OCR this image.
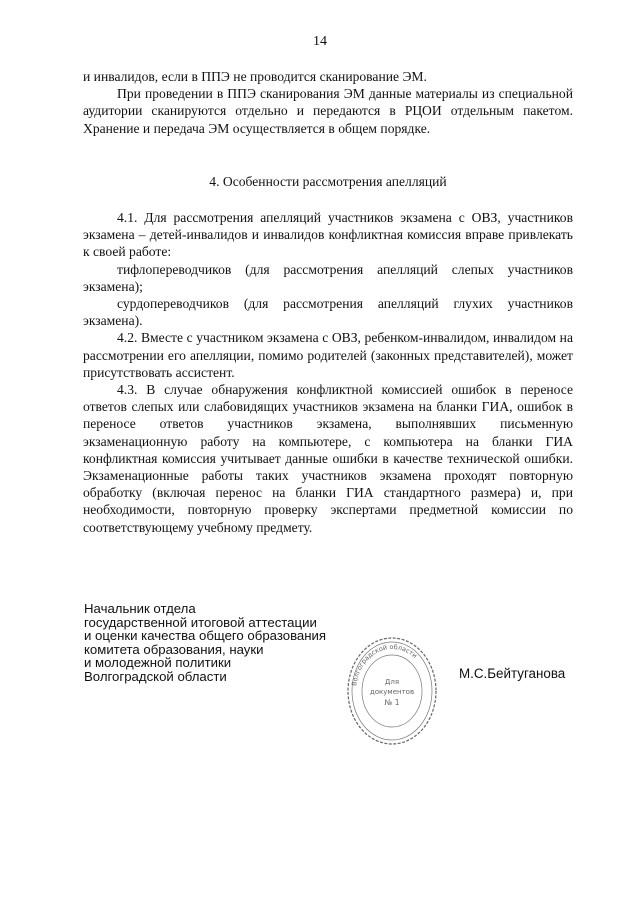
14

и инвалидов, если в ППЭ не проводится сканирование ЭМ.

При проведении в ППЭ сканирования ЭМ данные материалы из специальной аудитории сканируются отдельно и передаются в РЦОИ отдельным пакетом. Хранение и передача ЭМ осуществляется в общем порядке.

4. Особенности рассмотрения апелляций

4.1. Для рассмотрения апелляций участников экзамена с ОВЗ, участников экзамена – детей-инвалидов и инвалидов конфликтная комиссия вправе привлекать к своей работе:

тифлопереводчиков (для рассмотрения апелляций слепых участников экзамена);

сурдопереводчиков (для рассмотрения апелляций глухих участников экзамена).

4.2. Вместе с участником экзамена с ОВЗ, ребенком-инвалидом, инвалидом на рассмотрении его апелляции, помимо родителей (законных представителей), может присутствовать ассистент.

4.3. В случае обнаружения конфликтной комиссией ошибок в переносе ответов слепых или слабовидящих участников экзамена на бланки ГИА, ошибок в переносе ответов участников экзамена, выполнявших письменную экзаменационную работу на компьютере, с компьютера на бланки ГИА конфликтная комиссия учитывает данные ошибки в качестве технической ошибки. Экзаменационные работы таких участников экзамена проходят повторную обработку (включая перенос на бланки ГИА стандартного размера) и, при необходимости, повторную проверку экспертами предметной комиссии по соответствующему учебному предмету.

Начальник отдела
государственной итоговой аттестации
и оценки качества общего образования
комитета образования, науки
и молодежной политики
Волгоградской области	М.С.Бейтуганова
Волгоградской области
Для
документов
№ 1
